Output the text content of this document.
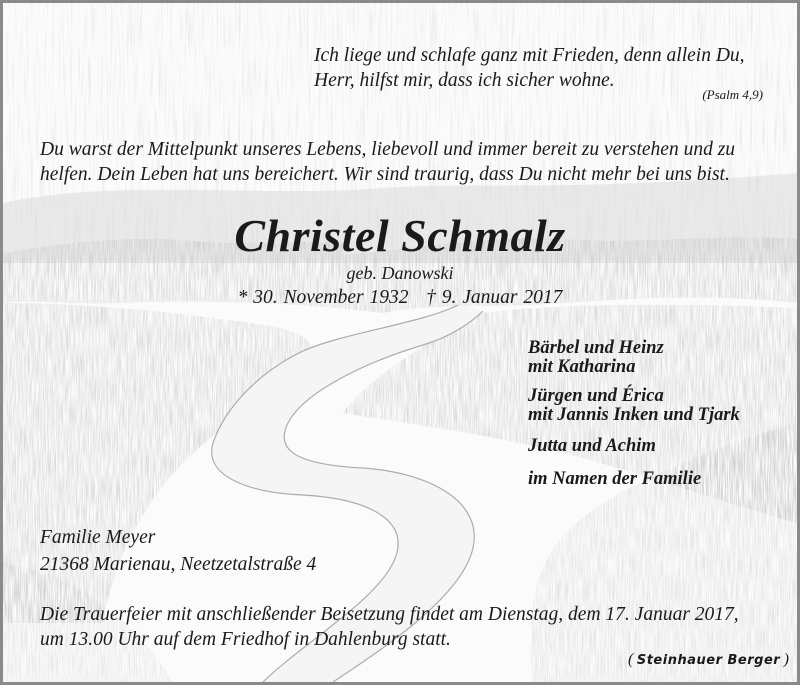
Ich liege und schlafe ganz mit Frieden, denn allein Du,
Herr, hilfst mir, dass ich sicher wohne.

(Psalm 4,9)

Du warst der Mittelpunkt unseres Lebens, liebevoll und immer bereit zu verstehen und zu
helfen. Dein Leben hat uns bereichert. Wir sind traurig, dass Du nicht mehr bei uns bist.

Christel Schmalz

geb. Danowski

* 30. November 1932 † 9. Januar 2017

Bärbel und Heinz
mit Katharina

Jürgen und Érica
mit Jannis Inken und Tjark

Jutta und Achim

im Namen der Familie

Familie Meyer
21368 Marienau, Neetzetalstraße 4

Die Trauerfeier mit anschließender Beisetzung findet am Dienstag, dem 17. Januar 2017,
um 13.00 Uhr auf dem Friedhof in Dahlenburg statt.

( Steinhauer Berger )
